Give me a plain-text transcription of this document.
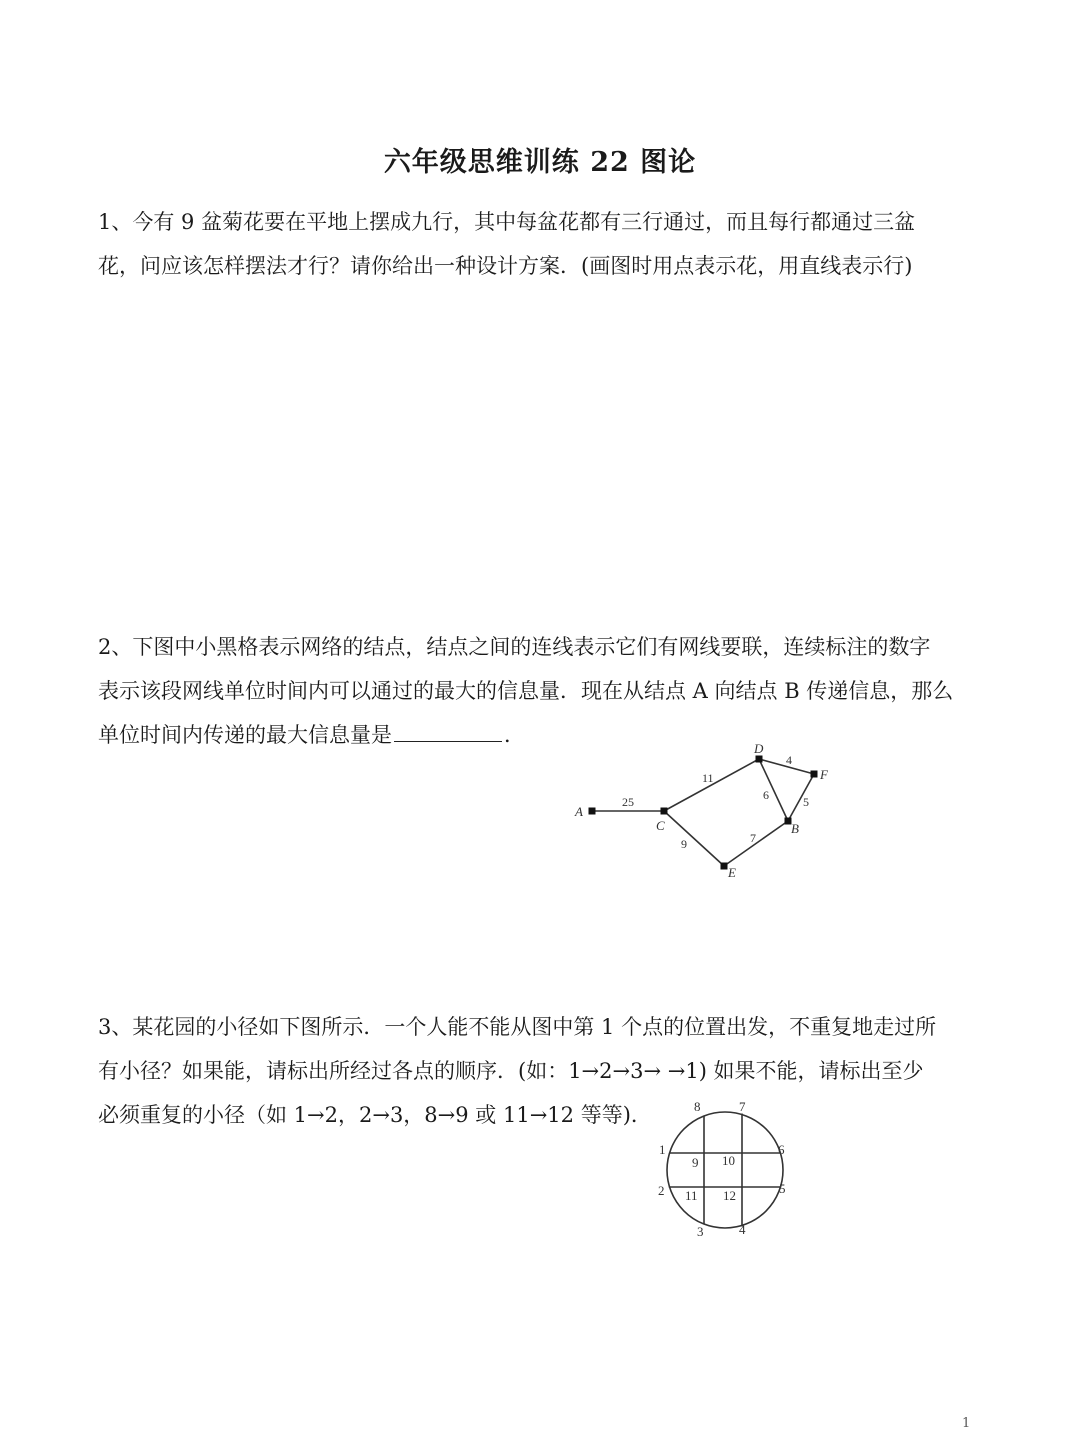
六年级思维训练 22 图论
1、今有 9 盆菊花要在平地上摆成九行，其中每盆花都有三行通过，而且每行都通过三盆
花，问应该怎样摆法才行？请你给出一种设计方案．(画图时用点表示花，用直线表示行)
2、下图中小黑格表示网络的结点，结点之间的连线表示它们有网线要联，连续标注的数字
表示该段网线单位时间内可以通过的最大的信息量．现在从结点 A 向结点 B 传递信息，那么
单位时间内传递的最大信息量是	．
A
C
D
F
B
E
25
11
4
6	5
7
9
3、某花园的小径如下图所示．一个人能不能从图中第 1 个点的位置出发，不重复地走过所
有小径？如果能，请标出所经过各点的顺序．(如：1→2→3→ →1) 如果不能，请标出至少
必须重复的小径（如 1→2，2→3，8→9 或 11→12 等等)．	8	7
1	6
2	5
3	4
9 10
11 12
1
